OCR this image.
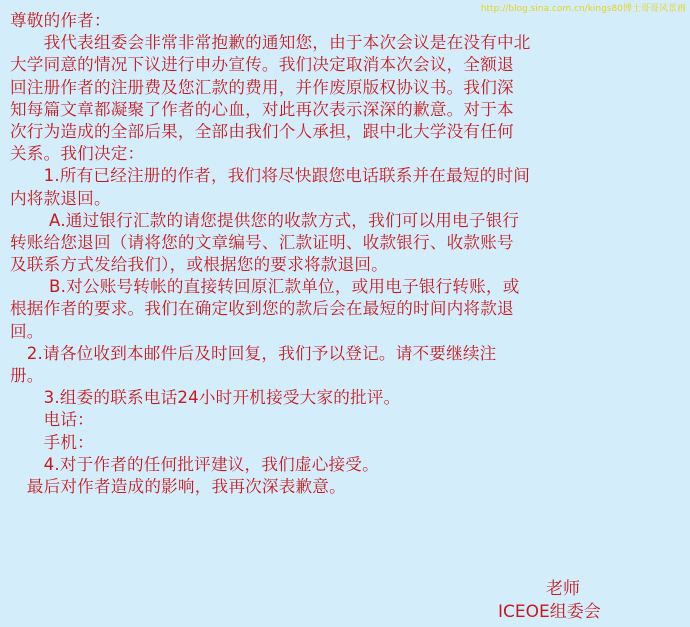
http://blog.sina.com.cn/kings80博士哥哥风景画
尊敬的作者：
　　我代表组委会非常非常抱歉的通知您，由于本次会议是在没有中北
大学同意的情况下议进行申办宣传。我们决定取消本次会议，全额退
回注册作者的注册费及您汇款的费用，并作废原版权协议书。我们深
知每篇文章都凝聚了作者的心血，对此再次表示深深的歉意。对于本
次行为造成的全部后果，全部由我们个人承担，跟中北大学没有任何
关系。我们决定：
　　1.所有已经注册的作者，我们将尽快跟您电话联系并在最短的时间
内将款退回。
　　 A.通过银行汇款的请您提供您的收款方式，我们可以用电子银行
转账给您退回（请将您的文章编号、汇款证明、收款银行、收款账号
及联系方式发给我们），或根据您的要求将款退回。
　　 B.对公账号转帐的直接转回原汇款单位，或用电子银行转账，或
根据作者的要求。我们在确定收到您的款后会在最短的时间内将款退
回。
　2.请各位收到本邮件后及时回复，我们予以登记。请不要继续注
册。
　　3.组委的联系电话24小时开机接受大家的批评。
　　电话：
　　手机：
　　4.对于作者的任何批评建议，我们虚心接受。
　最后对作者造成的影响，我再次深表歉意。
老师
ICEOE组委会
